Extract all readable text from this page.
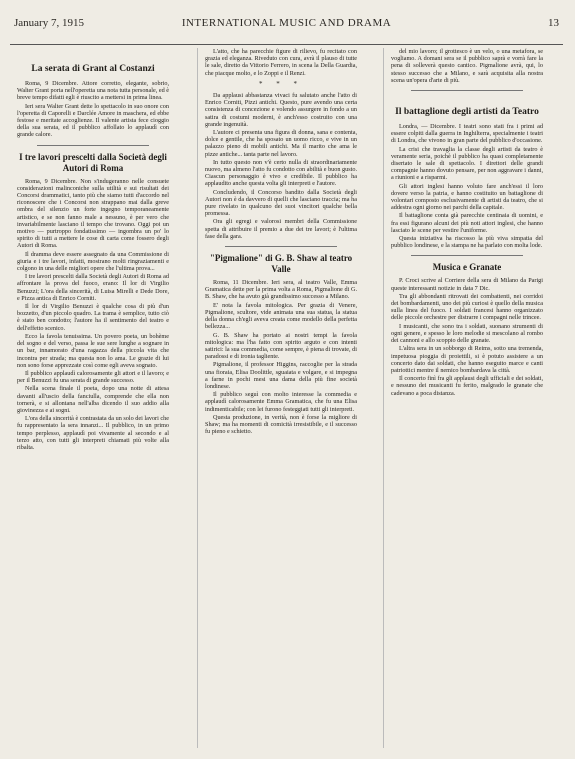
January 7, 1915	INTERNATIONAL MUSIC AND DRAMA	13
La serata di Grant al Costanzi

Roma, 9 Dicembre. Attore corretto, elegante, sobrio, Walter Grant porta nell'operetta una nota tutta personale, ed è breve tempo difatti egli è riuscito a mettersi in prima linea.

Ieri sera Walter Grant dette lo spettacolo in suo onore con l'operetta di Caporelli e Darclée Amore in maschera, ed ebbe festose e meritate accoglienze. Il valente artista fece cioggio della sua serata, ed il pubblico affollato lo applaudì con grande calore.

I tre lavori prescelti dalla Società degli Autori di Roma

Roma, 9 Dicembre. Non s'indugeranno nelle consuete considerazioni malinconiche sulla utilità e sui risultati dei Concorsi drammatici, tanto più che siamo tutti d'accordo nel riconoscere che i Concorsi non strappano mai dalla greve ombra del silenzio un forte ingegno temporaneamente artistico, e se non fanno male a nessuno, è per vero che invariabilmente lasciano il tempo che trovano. Oggi poi un motivo — purtroppo fondatissimo — ingombra un po' lo spirito di tutti a mettere le cose di carta come fossero degli Autori di Roma.

Il dramma deve essere assegnato da una Commissione di giuria e i tre lavori, infatti, mostrano molti ringraziamenti e colgono in una delle migliori opere che l'ultima prova...

I tre lavori prescelti dalla Società degli Autori di Roma ad affrontare la prova del fuoco, erano: Il lor di Virgilio Benuzzi; L'ora della sincerità, di Luisa Mirelli e Dede Dore, e Pizza antica di Enrico Corniti.

Il lor di Virgilio Benuzzi è qualche cosa di più d'un bozzetto, d'un piccolo quadro. La trama è semplice, tutto ciò è stato ben condotto; l'autore ha il sentimento del teatro e dell'effetto scenico.

Ecco la favola tenuissima. Un povero poeta, un bohème del sogno e del verso, passa le sue sere lunghe a sognare in un bar, innamorato d'una ragazza della piccola vita che incontra per strada; ma questa non lo ama. Le grazie di lui non sono forse apprezzate così come egli aveva sognato.

Il pubblico applaudì calorosamente gli attori e il lavoro; e per il Benuzzi fu una serata di grande successo.

Nella scena finale il poeta, dopo una notte di attesa davanti all'uscio della fanciulla, comprende che ella non tornerà, e si allontana nell'alba dicendo il suo addio alla giovinezza e ai sogni.

L'ora della sincerità è contrastata da un solo dei lavori che fu rappresentato la sera innanzi... Il pubblico, in un primo tempo perplesso, applaudì poi vivamente al secondo e al terzo atto, con tutti gli interpreti chiamati più volte alla ribalta.

L'atto, che ha parecchie figure di rilievo, fu recitato con grazia ed eleganza. Riveduto con cura, avrà il plauso di tutte le sale, diretto da Vittorio Ferrero, in scena la Della Guardia, che piacque molto, e lo Zoppi e il Renzi.

* * *

Da applausi abbastanza vivaci fu salutato anche l'atto di Enrico Corniti, Pizzi antichi. Questo, pure avendo una certa consistenza di concezione e volendo assurgere in fondo a un satira di costumi moderni, è anch'esso costruito con una grande ingenuità.

L'autore ci presenta una figura di donna, sana e contenta, dolce e gentile, che ha sposato un uomo ricco, e vive in un palazzo pieno di mobili antichi. Ma il marito che ama le pizze antiche... tanta parte nel lavoro.

In tutto questo non v'è certo nulla di straordinariamente nuovo, ma almeno l'atto fu condotto con abilità e buon gusto. Ciascun personaggio è vivo e credibile. Il pubblico ha applaudito anche questa volta gli interpreti e l'autore.

Concludendo, il Concorso bandito dalla Società degli Autori non è da davvero di quelli che lasciano traccia; ma ha pure rivelato in qualcuno dei suoi vincitori qualche bella promessa.

Ora gli egregi e valorosi membri della Commissione spetta di attribuire il premio a due dei tre lavori; è l'ultima fase della gara.

"Pigmalione" di G. B. Shaw al teatro Valle

Roma, 11 Dicembre. Ieri sera, al teatro Valle, Emma Gramatica dette per la prima volta a Roma, Pigmalione di G. B. Shaw, che ha avuto già grandissimo successo a Milano.

E' nota la favola mitologica. Per grazia di Venere, Pigmalione, scultore, vide animata una sua statua, la statua della donna ch'egli aveva creata come modello della perfetta bellezza...

G. B. Shaw ha portato ai nostri tempi la favola mitologica: ma l'ha fatto con spirito arguto e con intenti satirici: la sua commedia, come sempre, è piena di trovate, di paradossi e di ironia tagliente.

Pigmalione, il professor Higgins, raccoglie per la strada una fioraia, Elisa Doolittle, sguaiata e volgare, e si impegna a farne in pochi mesi una dama della più fine società londinese.

Il pubblico seguì con molto interesse la commedia e applaudì calorosamente Emma Gramatica, che fu una Elisa indimenticabile; con lei furono festeggiati tutti gli interpreti.

Questa produzione, in verità, non è forse la migliore di Shaw; ma ha momenti di comicità irresistibile, e il successo fu pieno e schietto.

del mio lavoro; il grottesco è un velo, o una metafora, se vogliamo. A domani sera se il pubblico saprà e vorrà fare la pena di solleverà questo cantico. Pigmalione avrà, qui, lo stesso successo che a Milano, e sarà acquisita alla nostra scena un'opera d'arte di più.

Il battaglione degli artisti da Teatro

Londra, — Dicembre. I teatri sono stati fra i primi ad essere colpiti dalla guerra in Inghilterra, specialmente i teatri di Londra, che vivono in gran parte del pubblico d'occasione.

La crisi che travaglia la classe degli artisti da teatro è veramente seria, poichè il pubblico ha quasi completamente disertato le sale di spettacolo. I direttori delle grandi compagnie hanno dovuto pensare, per non aggravare i danni, a riunioni e a risparmi.

Gli attori inglesi hanno voluto fare anch'essi il loro dovere verso la patria, e hanno costituito un battaglione di volontari composto esclusivamente di artisti da teatro, che si addestra ogni giorno nei parchi della capitale.

Il battaglione conta già parecchie centinaia di uomini, e fra essi figurano alcuni dei più noti attori inglesi, che hanno lasciato le scene per vestire l'uniforme.

Questa iniziativa ha riscosso la più viva simpatia del pubblico londinese, e la stampa ne ha parlato con molta lode.

Musica e Granate

P. Croci scrive al Corriere della sera di Milano da Parigi queste interessanti notizie in data 7 Dic.

Tra gli abbondanti ritrovati dei combattenti, nei corridoi dei bombardamenti, uno dei più curiosi è quello della musica sulla linea del fuoco. I soldati francesi hanno organizzato delle piccole orchestre per distrarre i compagni nelle trincee.

I musicanti, che sono tra i soldati, suonano strumenti di ogni genere, e spesso le loro melodie si mescolano al rombo dei cannoni e allo scoppio delle granate.

L'altra sera in un sobborgo di Reims, sotto una tremenda, impetuosa pioggia di proiettili, si è potuto assistere a un concerto dato dai soldati, che hanno eseguito marce e canti patriottici mentre il nemico bombardava la città.

Il concerto finì fra gli applausi degli ufficiali e dei soldati, e nessuno dei musicanti fu ferito, malgrado le granate che cadevano a poca distanza.
